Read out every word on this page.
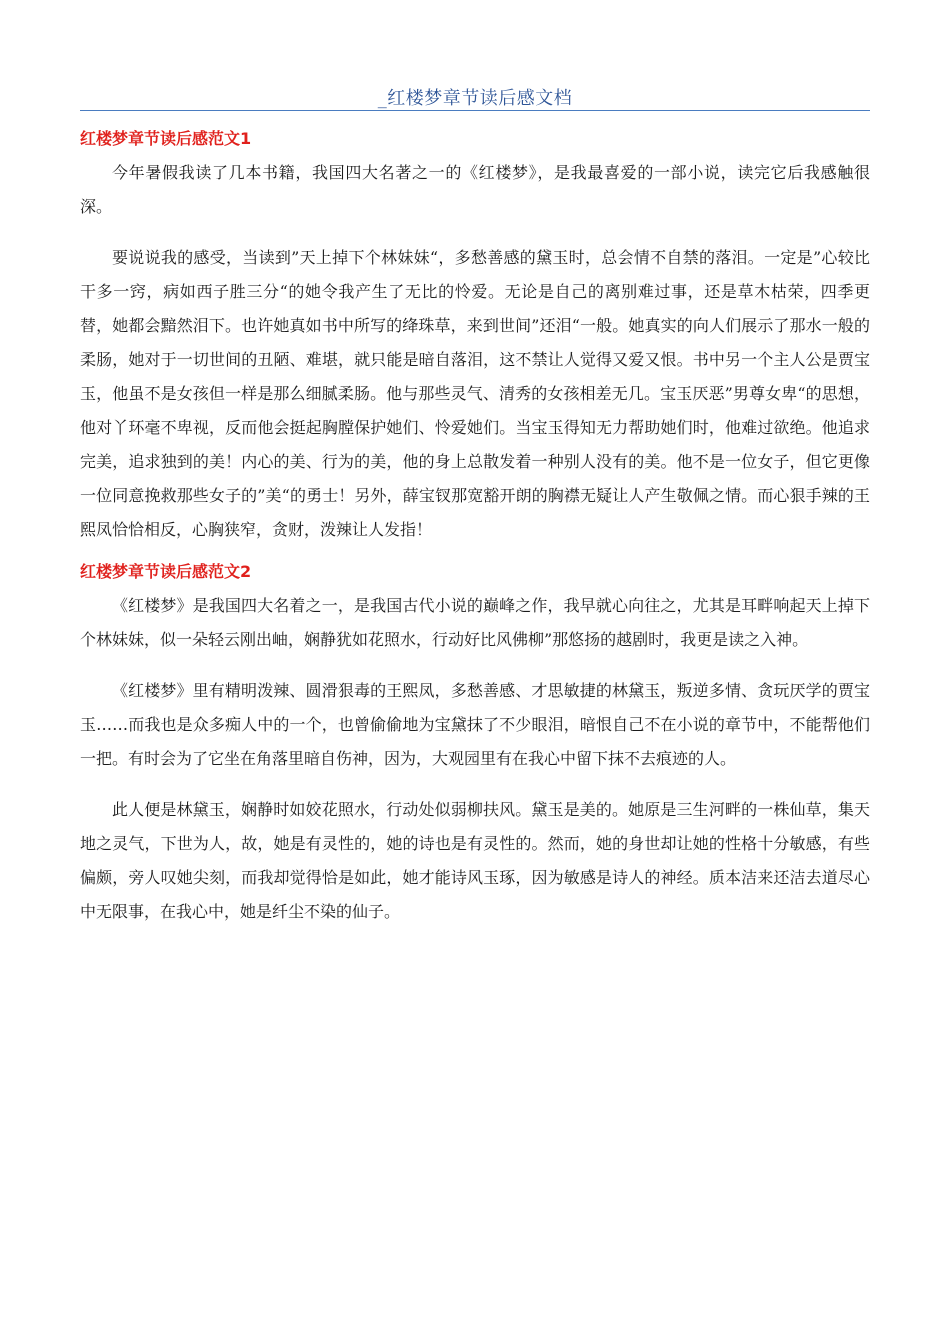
_红楼梦章节读后感文档
红楼梦章节读后感范文1

今年暑假我读了几本书籍，我国四大名著之一的《红楼梦》，是我最喜爱的一部小说，读完它后我感触很深。

要说说我的感受，当读到”天上掉下个林妹妹“，多愁善感的黛玉时，总会情不自禁的落泪。一定是”心较比干多一窍，病如西子胜三分“的她令我产生了无比的怜爱。无论是自己的离别难过事，还是草木枯荣，四季更替，她都会黯然泪下。也许她真如书中所写的绛珠草，来到世间”还泪“一般。她真实的向人们展示了那水一般的柔肠，她对于一切世间的丑陋、难堪，就只能是暗自落泪，这不禁让人觉得又爱又恨。书中另一个主人公是贾宝玉，他虽不是女孩但一样是那么细腻柔肠。他与那些灵气、清秀的女孩相差无几。宝玉厌恶”男尊女卑“的思想，他对丫环毫不卑视，反而他会挺起胸膛保护她们、怜爱她们。当宝玉得知无力帮助她们时，他难过欲绝。他追求完美，追求独到的美！内心的美、行为的美，他的身上总散发着一种别人没有的美。他不是一位女子，但它更像一位同意挽救那些女子的”美“的勇士！另外，薛宝钗那宽豁开朗的胸襟无疑让人产生敬佩之情。而心狠手辣的王熙凤恰恰相反，心胸狭窄，贪财，泼辣让人发指！

红楼梦章节读后感范文2

《红楼梦》是我国四大名着之一，是我国古代小说的巅峰之作，我早就心向往之，尤其是耳畔响起天上掉下个林妹妹，似一朵轻云刚出岫，娴静犹如花照水，行动好比风佛柳”那悠扬的越剧时，我更是读之入神。

《红楼梦》里有精明泼辣、圆滑狠毒的王熙凤，多愁善感、才思敏捷的林黛玉，叛逆多情、贪玩厌学的贾宝玉……而我也是众多痴人中的一个，也曾偷偷地为宝黛抹了不少眼泪，暗恨自己不在小说的章节中，不能帮他们一把。有时会为了它坐在角落里暗自伤神，因为，大观园里有在我心中留下抹不去痕迹的人。

此人便是林黛玉，娴静时如姣花照水，行动处似弱柳扶风。黛玉是美的。她原是三生河畔的一株仙草，集天地之灵气，下世为人，故，她是有灵性的，她的诗也是有灵性的。然而，她的身世却让她的性格十分敏感，有些偏颇，旁人叹她尖刻，而我却觉得恰是如此，她才能诗风玉琢，因为敏感是诗人的神经。质本洁来还洁去道尽心中无限事，在我心中，她是纤尘不染的仙子。
